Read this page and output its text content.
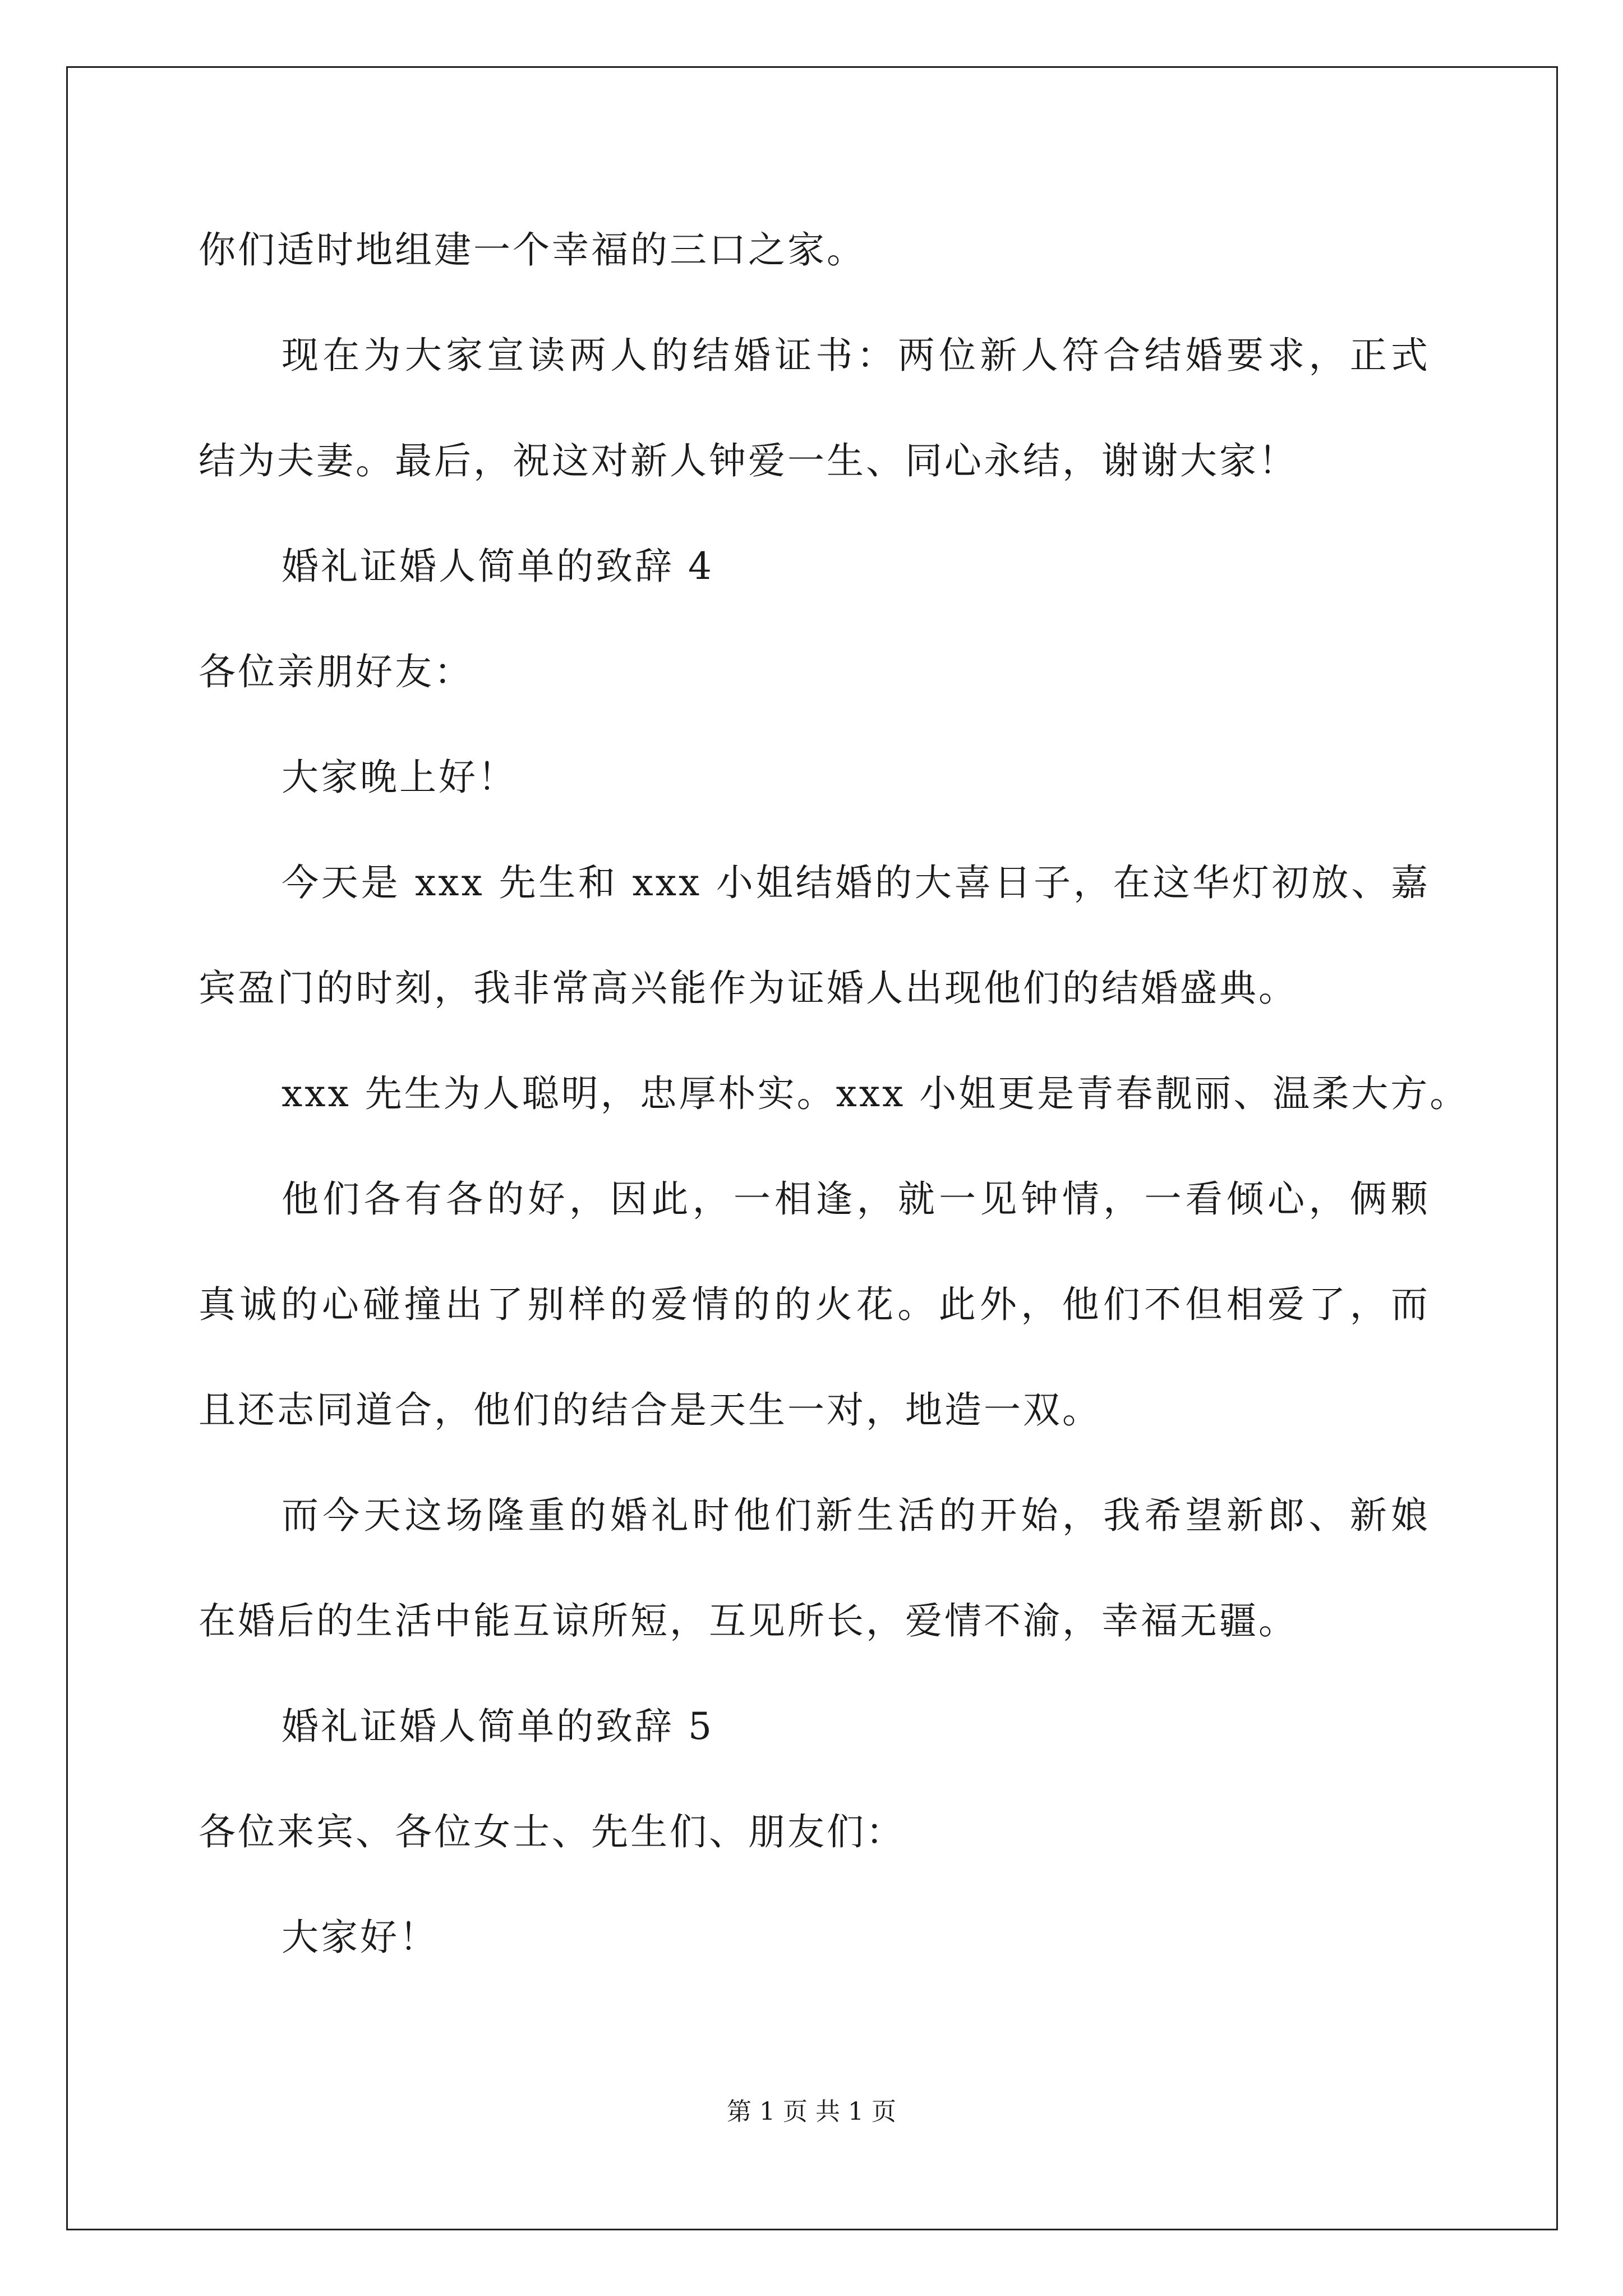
你们适时地组建一个幸福的三口之家。
现在为大家宣读两人的结婚证书：两位新人符合结婚要求，正式
结为夫妻。最后，祝这对新人钟爱一生、同心永结，谢谢大家！
婚礼证婚人简单的致辞 4
各位亲朋好友：
大家晚上好！
今天是 xxx 先生和 xxx 小姐结婚的大喜日子，在这华灯初放、嘉
宾盈门的时刻，我非常高兴能作为证婚人出现他们的结婚盛典。
xxx 先生为人聪明，忠厚朴实。xxx 小姐更是青春靓丽、温柔大方。
他们各有各的好，因此，一相逢，就一见钟情，一看倾心，俩颗
真诚的心碰撞出了别样的爱情的的火花。此外，他们不但相爱了，而
且还志同道合，他们的结合是天生一对，地造一双。
而今天这场隆重的婚礼时他们新生活的开始，我希望新郎、新娘
在婚后的生活中能互谅所短，互见所长，爱情不渝，幸福无疆。
婚礼证婚人简单的致辞 5
各位来宾、各位女士、先生们、朋友们：
大家好！
第 1 页 共 1 页
